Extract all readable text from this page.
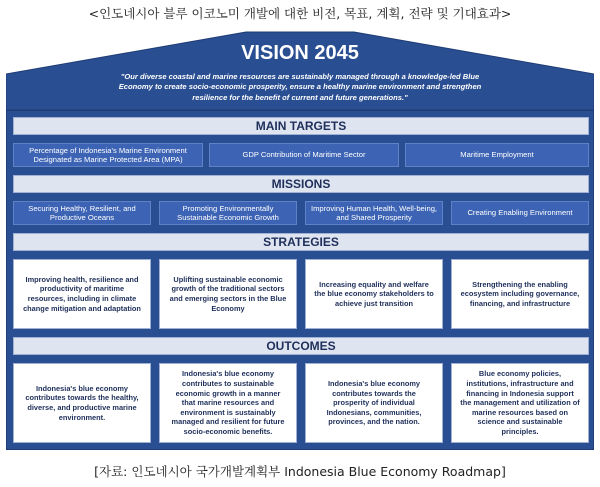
<인도네시아 블루 이코노미 개발에 대한 비전, 목표, 계획, 전략 및 기대효과>
VISION 2045
"Our diverse coastal and marine resources are sustainably managed through a knowledge-led Blue Economy to create socio-economic prosperity, ensure a healthy marine environment and strengthen resilience for the benefit of current and future generations."
MAIN TARGETS
Percentage of Indonesia's Marine Environment Designated as Marine Protected Area (MPA)
GDP Contribution of Maritime Sector	Maritime Employment
MISSIONS
Securing Healthy, Resilient, and Productive Oceans
Promoting Environmentally Sustainable Economic Growth
Improving Human Health, Well-being, and Shared Prosperity
Creating Enabling Environment
STRATEGIES
Improving health, resilience and productivity of maritime resources, including in climate change mitigation and adaptation
Uplifting sustainable economic growth of the traditional sectors and emerging sectors in the Blue Economy
Increasing equality and welfare the blue economy stakeholders to achieve just transition
Strengthening the enabling ecosystem including governance, financing, and infrastructure
OUTCOMES
Indonesia's blue economy contributes towards the healthy, diverse, and productive marine environment.
Indonesia's blue economy contributes to sustainable economic growth in a manner that marine resources and environment is sustainably managed and resilient for future socio-economic benefits.
Indonesia's blue economy contributes towards the prosperity of individual Indonesians, communities, provinces, and the nation.
Blue economy policies, institutions, infrastructure and financing in Indonesia support the management and utilization of marine resources based on science and sustainable principles.
[자료: 인도네시아 국가개발계획부 Indonesia Blue Economy Roadmap]
